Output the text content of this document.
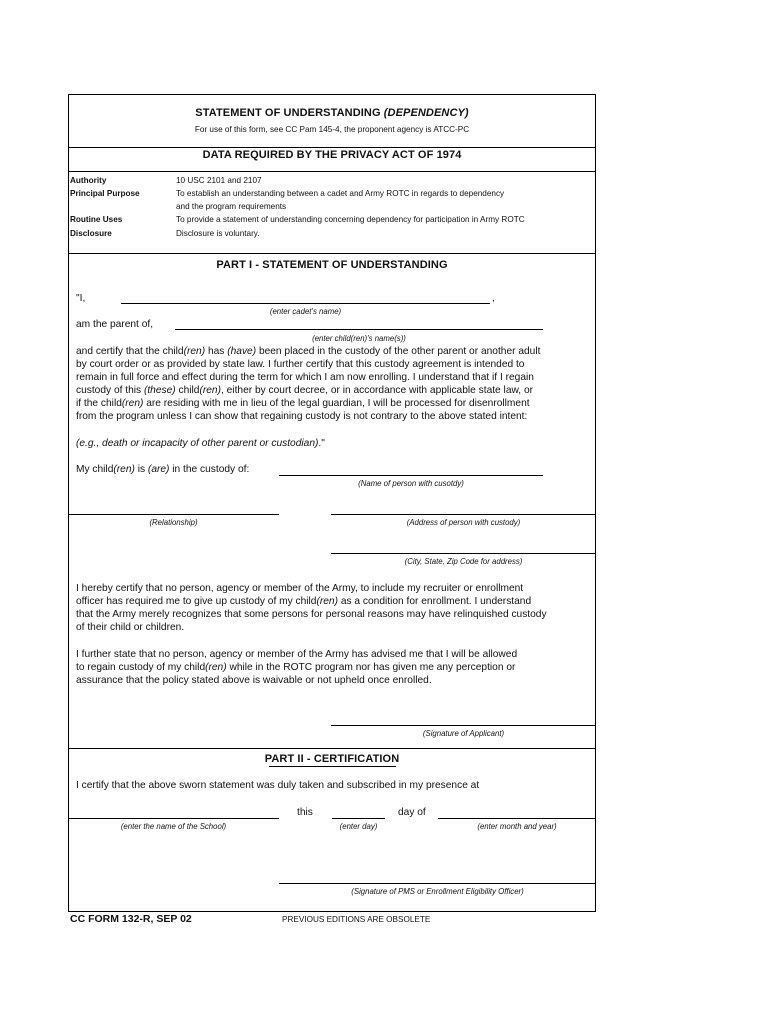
STATEMENT OF UNDERSTANDING (DEPENDENCY)
For use of this form, see CC Pam 145-4, the proponent agency is ATCC-PC
DATA REQUIRED BY THE PRIVACY ACT OF 1974
Authority	10 USC 2101 and 2107
Principal Purpose	To establish an understanding between a cadet and Army ROTC in regards to dependency
and the program requirements
Routine Uses	To provide a statement of understanding concerning dependency for participation in Army ROTC
Disclosure	Disclosure is voluntary.
PART I - STATEMENT OF UNDERSTANDING
"I,	,
(enter cadet's name)
am the parent of,
(enter child(ren)'s name(s))
and certify that the child(ren) has (have) been placed in the custody of the other parent or another adult
by court order or as provided by state law. I further certify that this custody agreement is intended to
remain in full force and effect during the term for which I am now enrolling. I understand that if I regain
custody of this (these) child(ren), either by court decree, or in accordance with applicable state law, or
if the child(ren) are residing with me in lieu of the legal guardian, I will be processed for disenrollment
from the program unless I can show that regaining custody is not contrary to the above stated intent:
(e.g., death or incapacity of other parent or custodian)."
My child(ren) is (are) in the custody of:
(Name of person with cusotdy)
(Relationship)	(Address of person with custody)
(City, State, Zip Code for address)
I hereby certify that no person, agency or member of the Army, to include my recruiter or enrollment
officer has required me to give up custody of my child(ren) as a condition for enrollment. I understand
that the Army merely recognizes that some persons for personal reasons may have relinquished custody
of their child or children.
I further state that no person, agency or member of the Army has advised me that I will be allowed
to regain custody of my child(ren) while in the ROTC program nor has given me any perception or
assurance that the policy stated above is waivable or not upheld once enrolled.
(Signature of Applicant)
PART II - CERTIFICATION
I certify that the above sworn statement was duly taken and subscribed in my presence at
this	day of
(enter the name of the School)	(enter day)	(enter month and year)
(Signature of PMS or Enrollment Eligibility Officer)
CC FORM 132-R, SEP 02	PREVIOUS EDITIONS ARE OBSOLETE
